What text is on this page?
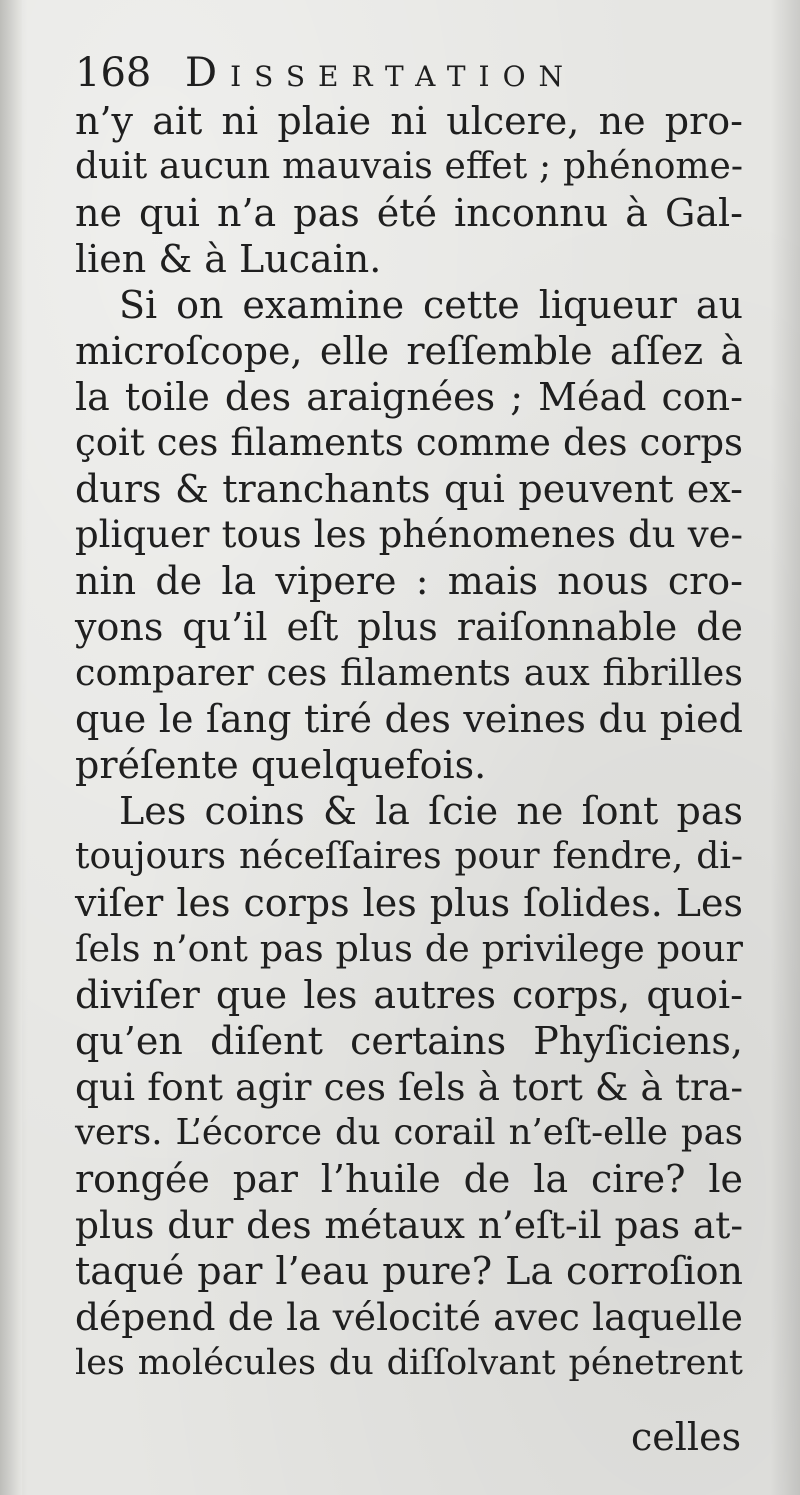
168 Dissertation
n’y ait ni plaie ni ulcere, ne pro-
duit aucun mauvais effet ; phénome-
ne qui n’a pas été inconnu à Gal-
lien & à Lucain.
Si on examine cette liqueur au
microſcope, elle reſſemble aſſez à
la toile des araignées ; Méad con-
çoit ces filaments comme des corps
durs & tranchants qui peuvent ex-
pliquer tous les phénomenes du ve-
nin de la vipere : mais nous cro-
yons qu’il eſt plus raiſonnable de
comparer ces filaments aux fibrilles
que le ſang tiré des veines du pied
préſente quelquefois.
Les coins & la ſcie ne ſont pas
toujours néceſſaires pour fendre, di-
viſer les corps les plus ſolides. Les
ſels n’ont pas plus de privilege pour
diviſer que les autres corps, quoi-
qu’en diſent certains Phyſiciens,
qui font agir ces ſels à tort & à tra-
vers. L’écorce du corail n’eſt-elle pas
rongée par l’huile de la cire? le
plus dur des métaux n’eſt-il pas at-
taqué par l’eau pure? La corroſion
dépend de la vélocité avec laquelle
les molécules du diſſolvant pénetrent
celles
